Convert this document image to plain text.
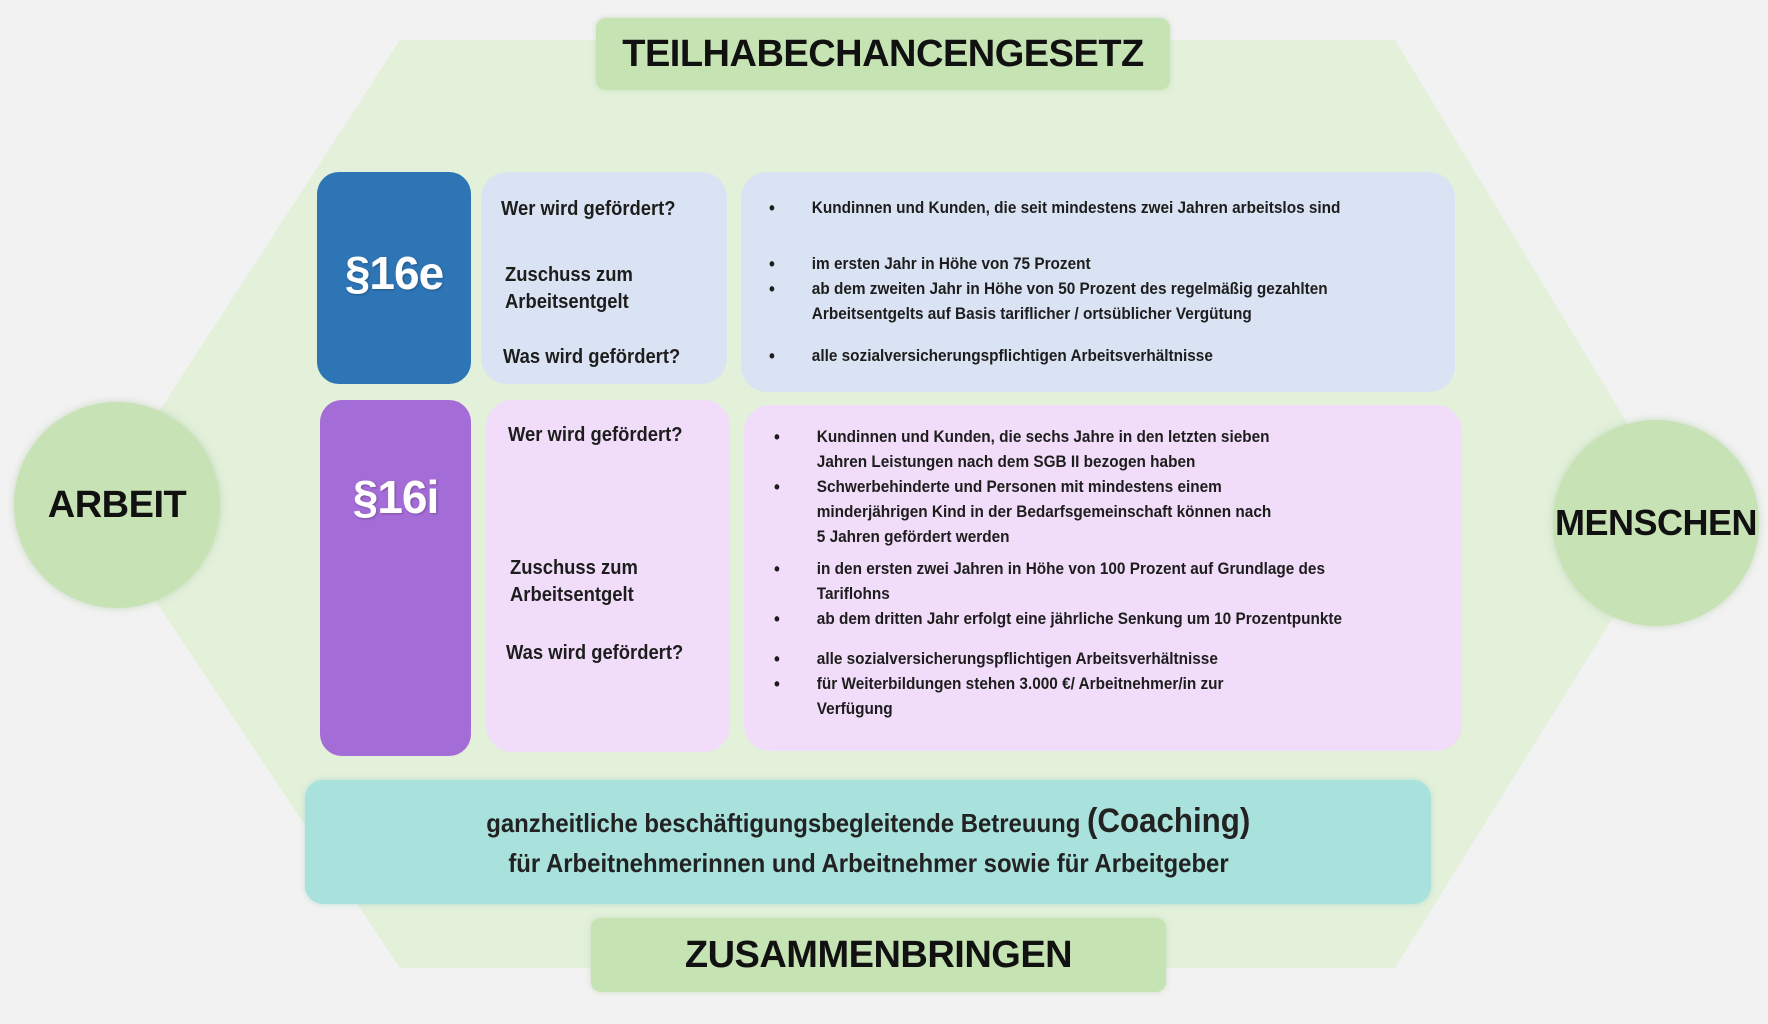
TEILHABECHANCENGESETZ
ARBEIT	MENSCHEN
§16e
Wer wird gefördert?
Zuschuss zum
Arbeitsentgelt
Was wird gefördert?
• Kundinnen und Kunden, die seit mindestens zwei Jahren arbeitslos sind
• im ersten Jahr in Höhe von 75 Prozent
• ab dem zweiten Jahr in Höhe von 50 Prozent des regelmäßig gezahlten
Arbeitsentgelts auf Basis tariflicher / ortsüblicher Vergütung
• alle sozialversicherungspflichtigen Arbeitsverhältnisse
§16i
Wer wird gefördert?
Zuschuss zum
Arbeitsentgelt
Was wird gefördert?
• Kundinnen und Kunden, die sechs Jahre in den letzten sieben
Jahren Leistungen nach dem SGB II bezogen haben
• Schwerbehinderte und Personen mit mindestens einem
minderjährigen Kind in der Bedarfsgemeinschaft können nach
5 Jahren gefördert werden
• in den ersten zwei Jahren in Höhe von 100 Prozent auf Grundlage des
Tariflohns
• ab dem dritten Jahr erfolgt eine jährliche Senkung um 10 Prozentpunkte
• alle sozialversicherungspflichtigen Arbeitsverhältnisse
• für Weiterbildungen stehen 3.000 €/ Arbeitnehmer/in zur
Verfügung
ganzheitliche beschäftigungsbegleitende Betreuung (Coaching)
für Arbeitnehmerinnen und Arbeitnehmer sowie für Arbeitgeber
ZUSAMMENBRINGEN
